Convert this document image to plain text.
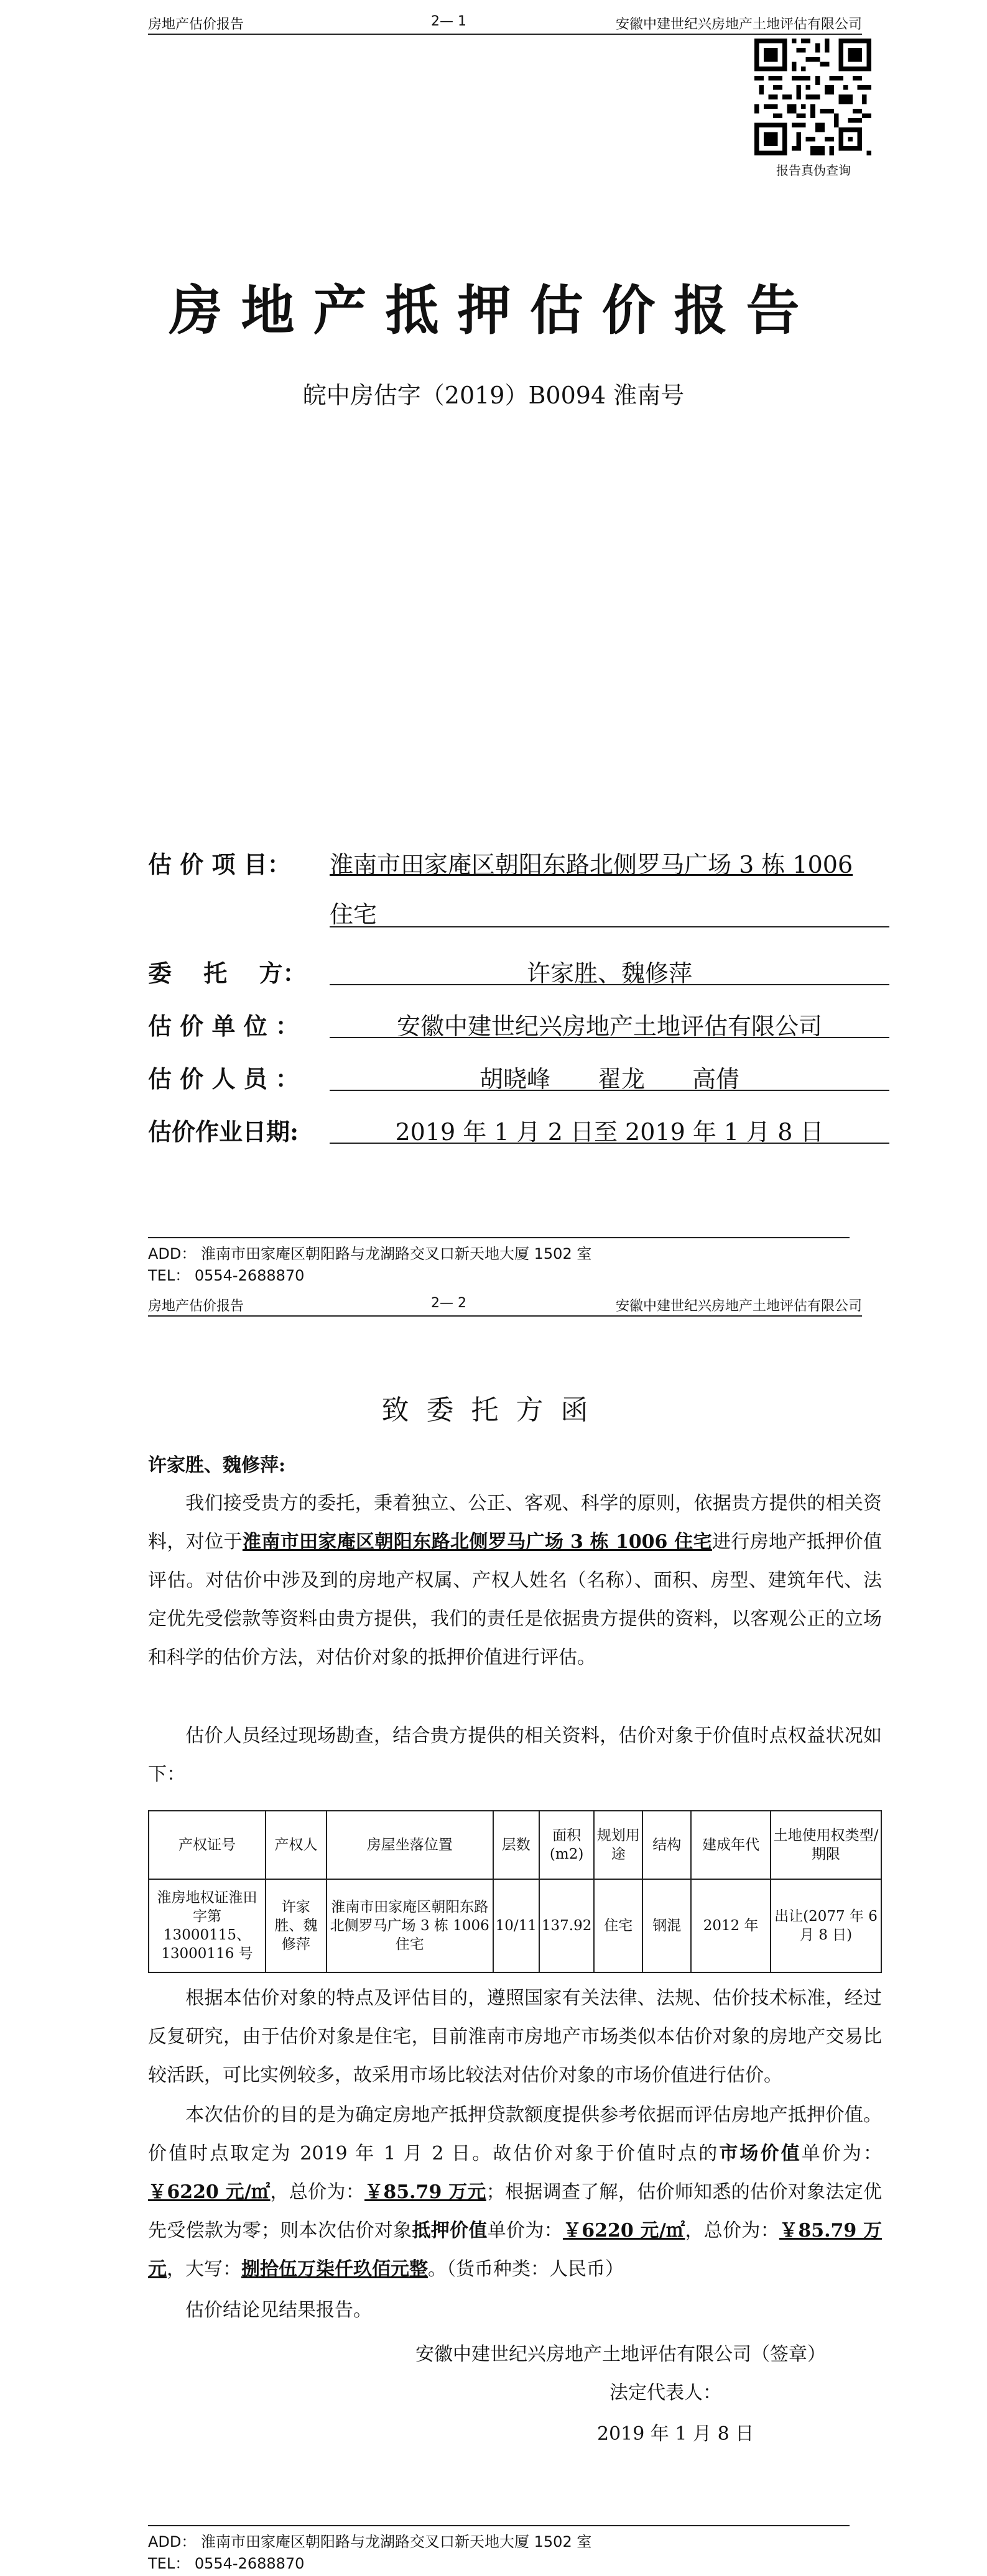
房地产估价报告	2— 1	安徽中建世纪兴房地产土地评估有限公司
报告真伪查询
房地产抵押估价报告
皖中房估字（2019）B0094 淮南号
估 价 项 目： 淮南市田家庵区朝阳东路北侧罗马广场 3 栋 1006
住宅
委　 托　 方：	许家胜、魏修萍
估 价 单 位 ：	安徽中建世纪兴房地产土地评估有限公司
估 价 人 员 ：	胡晓峰　　翟龙　　高倩
估价作业日期:	2019 年 1 月 2 日至 2019 年 1 月 8 日
ADD： 淮南市田家庵区朝阳路与龙湖路交叉口新天地大厦 1502 室
TEL： 0554-2688870
房地产估价报告	2— 2	安徽中建世纪兴房地产土地评估有限公司
致委托方函
许家胜、魏修萍:
我们接受贵方的委托，秉着独立、公正、客观、科学的原则，依据贵方提供的相关资料，对位于淮南市田家庵区朝阳东路北侧罗马广场 3 栋 1006 住宅进行房地产抵押价值评估。对估价中涉及到的房地产权属、产权人姓名（名称）、面积、房型、建筑年代、法定优先受偿款等资料由贵方提供，我们的责任是依据贵方提供的资料，以客观公正的立场和科学的估价方法，对估价对象的抵押价值进行评估。
估价人员经过现场勘查，结合贵方提供的相关资料，估价对象于价值时点权益状况如下：
产权证号	产权人	房屋坐落位置	层数	面积(m2)	规划用途	结构	建成年代	土地使用权类型/期限
淮房地权证淮田字第 13000115、13000116 号	许家胜、魏修萍	淮南市田家庵区朝阳东路北侧罗马广场 3 栋 1006 住宅	10/11	137.92	住宅	钢混	2012 年	出让(2077 年 6 月 8 日)
根据本估价对象的特点及评估目的，遵照国家有关法律、法规、估价技术标准，经过反复研究，由于估价对象是住宅，目前淮南市房地产市场类似本估价对象的房地产交易比较活跃，可比实例较多，故采用市场比较法对估价对象的市场价值进行估价。
本次估价的目的是为确定房地产抵押贷款额度提供参考依据而评估房地产抵押价值。价值时点取定为 2019 年 1 月 2 日。故估价对象于价值时点的市场价值单价为：￥6220 元/㎡，总价为：￥85.79 万元；根据调查了解，估价师知悉的估价对象法定优先受偿款为零；则本次估价对象抵押价值单价为：￥6220 元/㎡，总价为：￥85.79 万元，大写：捌拾伍万柒仟玖佰元整。（货币种类：人民币）
估价结论见结果报告。
安徽中建世纪兴房地产土地评估有限公司（签章）
法定代表人：
2019 年 1 月 8 日
ADD： 淮南市田家庵区朝阳路与龙湖路交叉口新天地大厦 1502 室
TEL： 0554-2688870
